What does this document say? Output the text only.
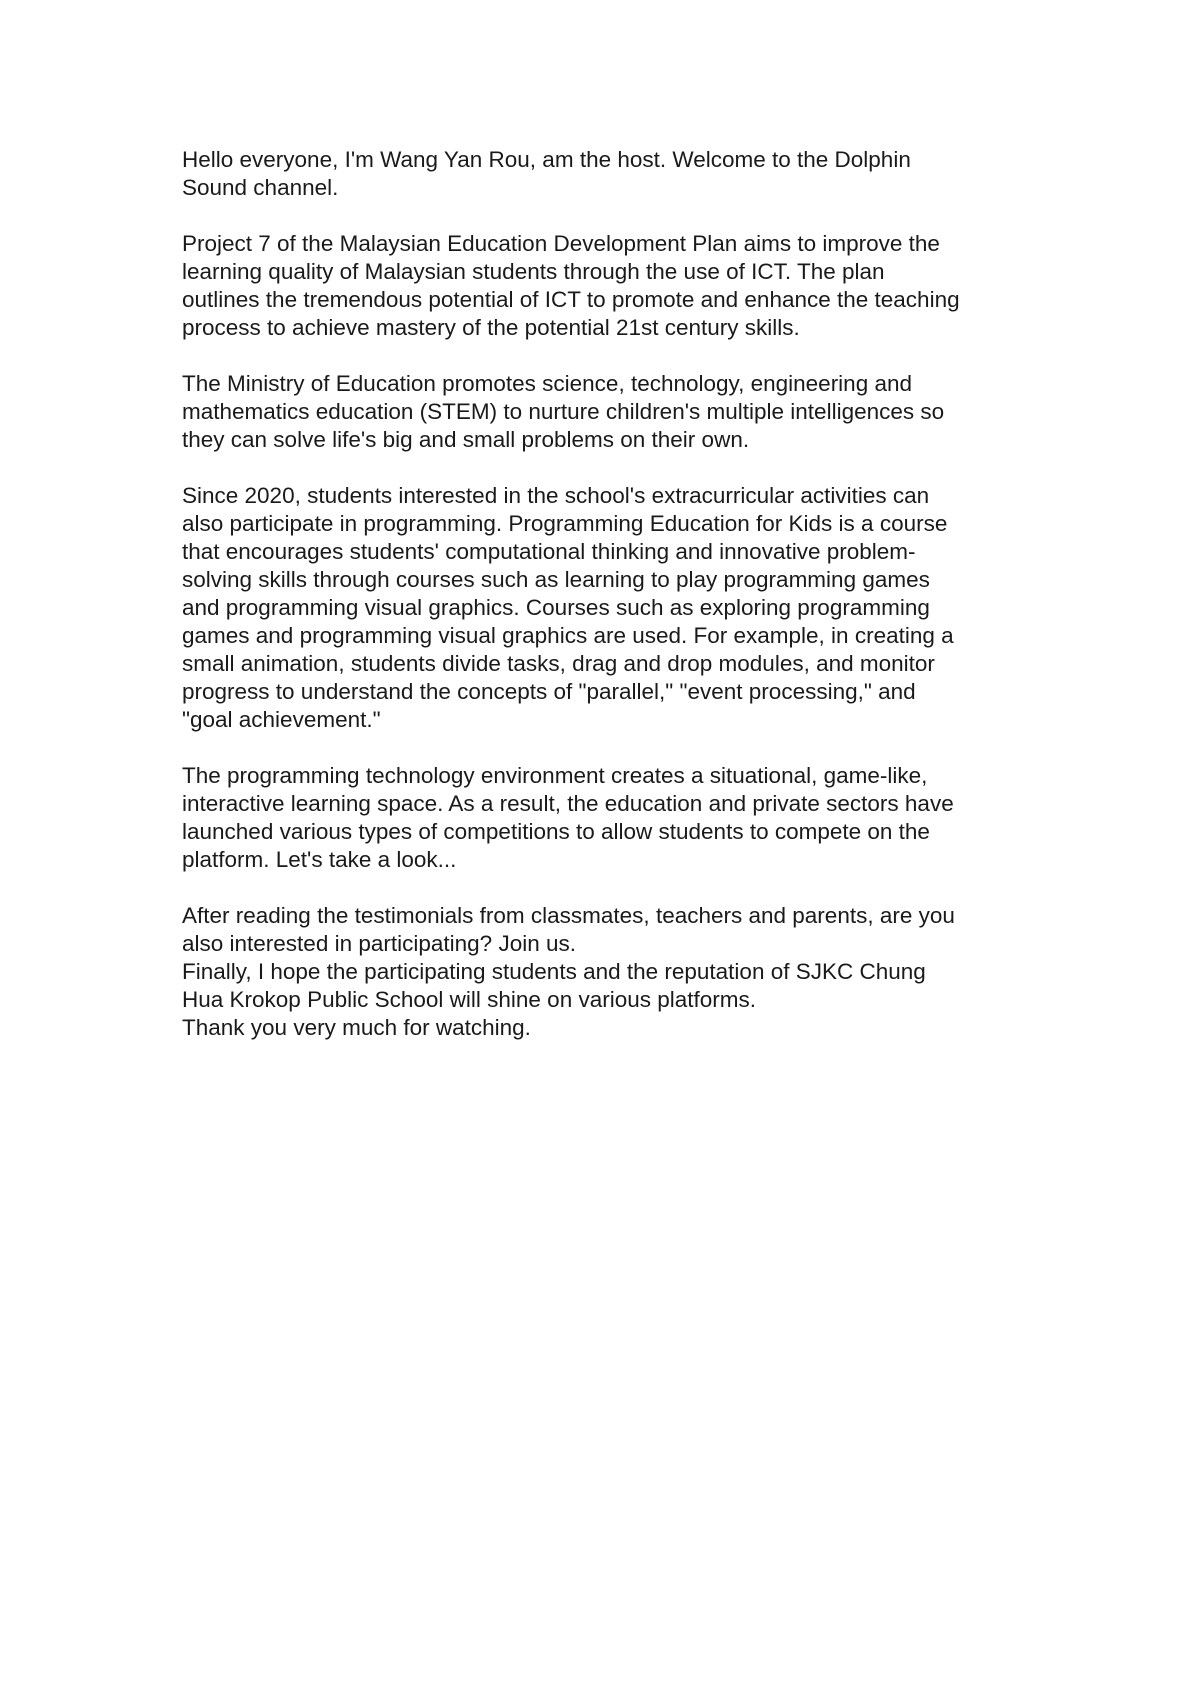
Hello everyone, I'm Wang Yan Rou, am the host. Welcome to the Dolphin
Sound channel.

Project 7 of the Malaysian Education Development Plan aims to improve the
learning quality of Malaysian students through the use of ICT. The plan
outlines the tremendous potential of ICT to promote and enhance the teaching
process to achieve mastery of the potential 21st century skills.

The Ministry of Education promotes science, technology, engineering and
mathematics education (STEM) to nurture children's multiple intelligences so
they can solve life's big and small problems on their own.

Since 2020, students interested in the school's extracurricular activities can
also participate in programming. Programming Education for Kids is a course
that encourages students' computational thinking and innovative problem-
solving skills through courses such as learning to play programming games
and programming visual graphics. Courses such as exploring programming
games and programming visual graphics are used. For example, in creating a
small animation, students divide tasks, drag and drop modules, and monitor
progress to understand the concepts of "parallel," "event processing," and
"goal achievement."

The programming technology environment creates a situational, game-like,
interactive learning space. As a result, the education and private sectors have
launched various types of competitions to allow students to compete on the
platform. Let's take a look...

After reading the testimonials from classmates, teachers and parents, are you
also interested in participating? Join us.
Finally, I hope the participating students and the reputation of SJKC Chung
Hua Krokop Public School will shine on various platforms.
Thank you very much for watching.
